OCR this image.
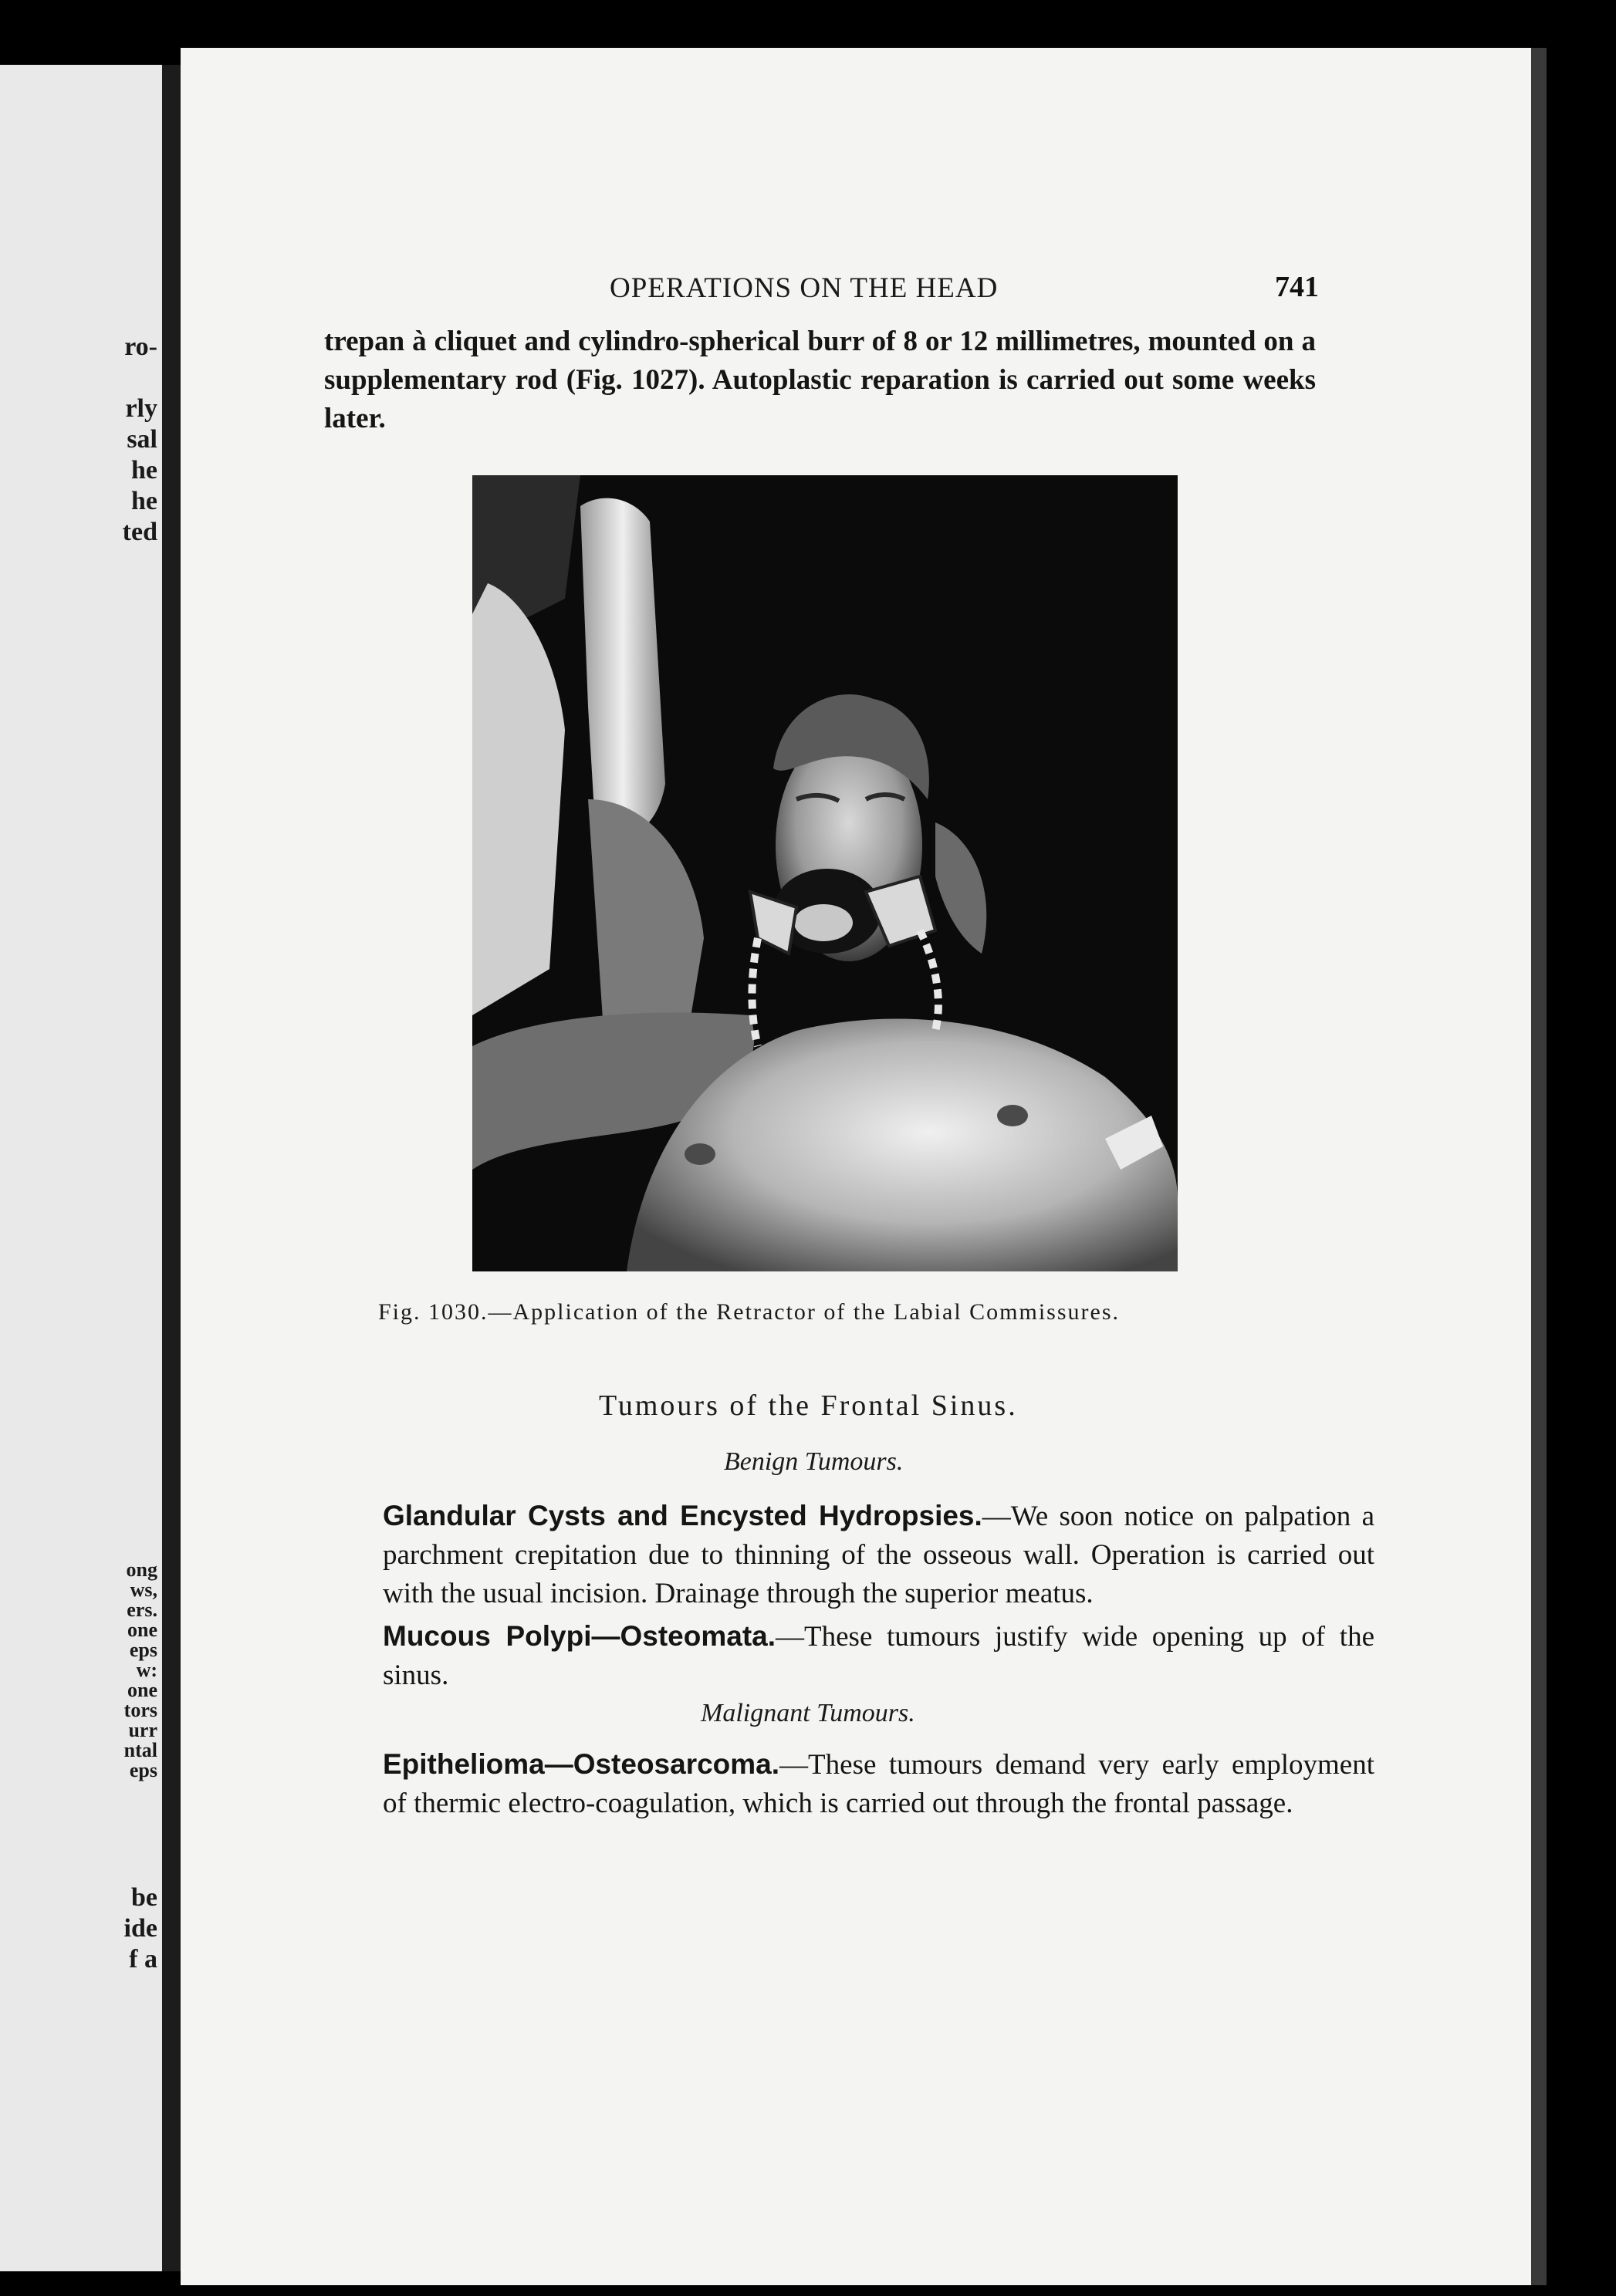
ro-

rly
sal
he
he
ted
ong
ws,
ers.
one
eps
w:
one
tors
urr
ntal
eps
be
ide
f a
OPERATIONS ON THE HEAD	741
trepan à cliquet and cylindro-spherical burr of 8 or 12 millimetres, mounted on a supplementary rod (Fig. 1027). Autoplastic reparation is carried out some weeks later.
Fig. 1030.—Application of the Retractor of the Labial Commissures.
Tumours of the Frontal Sinus.
Benign Tumours.
Glandular Cysts and Encysted Hydropsies.—We soon notice on palpation a parchment crepitation due to thinning of the osseous wall. Operation is carried out with the usual incision. Drainage through the superior meatus.
Mucous Polypi—Osteomata.—These tumours justify wide opening up of the sinus.
Malignant Tumours.
Epithelioma—Osteosarcoma.—These tumours demand very early employment of thermic electro-coagulation, which is carried out through the frontal passage.
